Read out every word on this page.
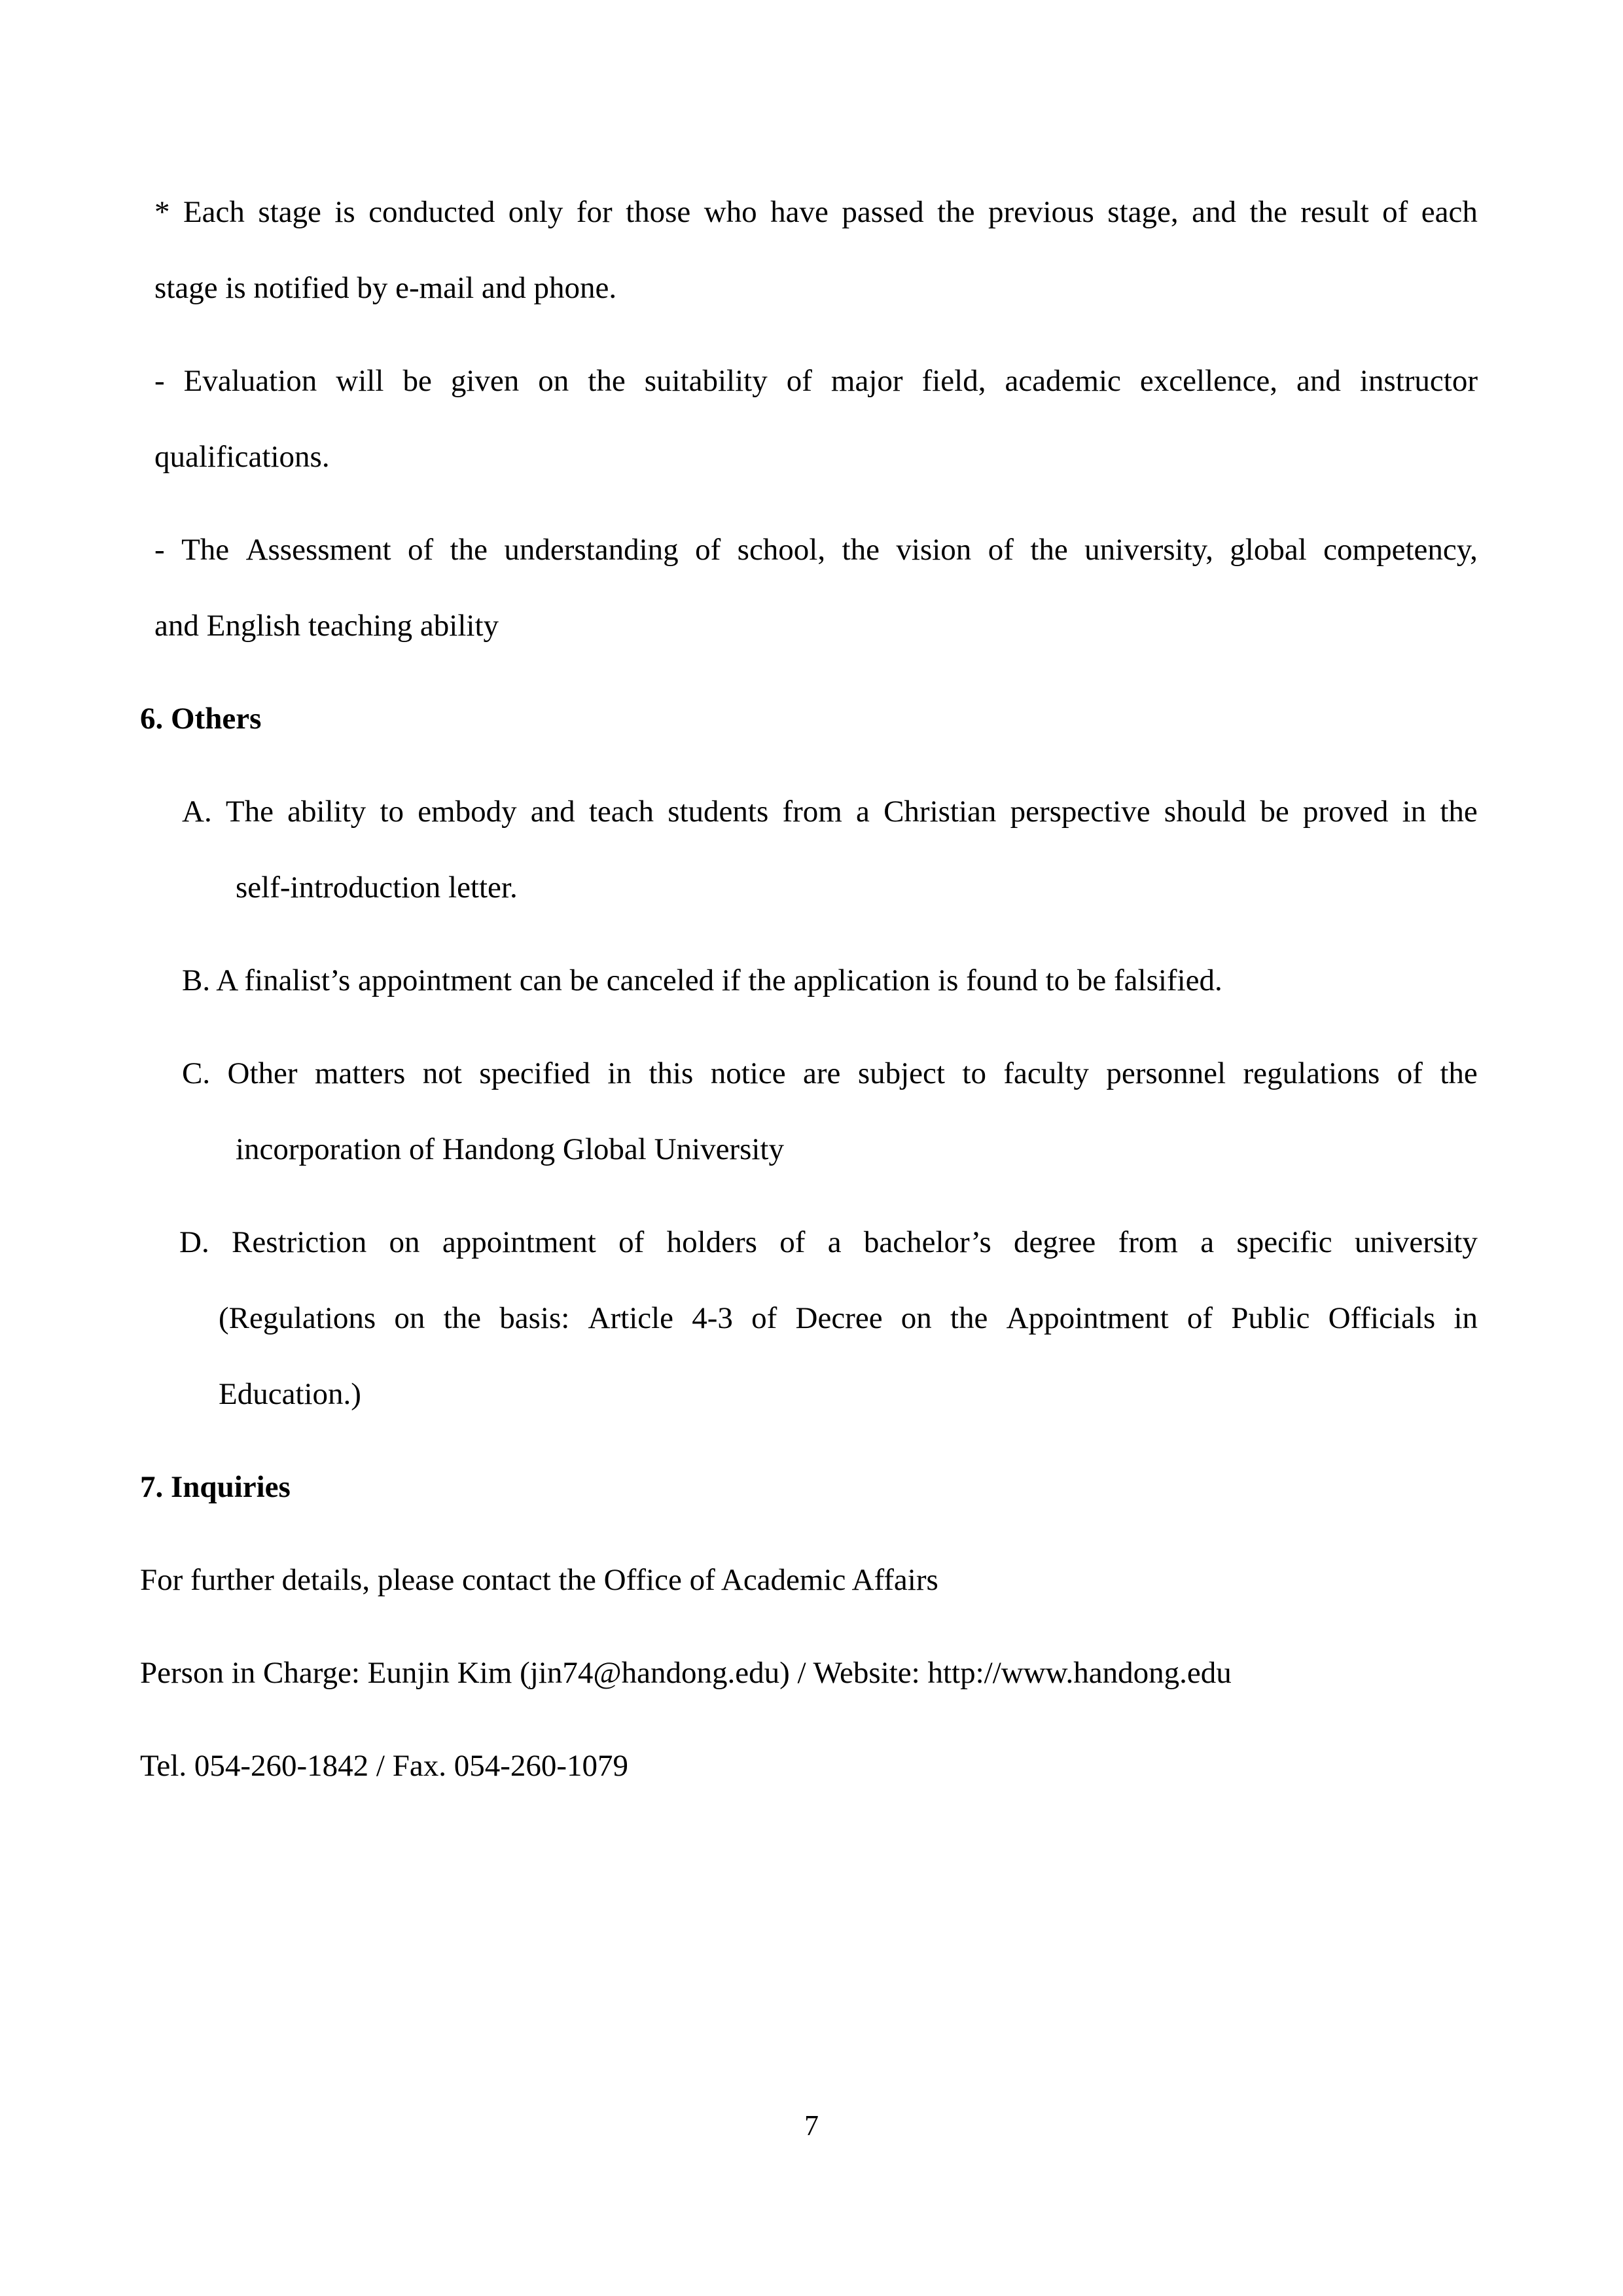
* Each stage is conducted only for those who have passed the previous stage, and the result of each
stage is notified by e-mail and phone.
- Evaluation will be given on the suitability of major field, academic excellence, and instructor
qualifications.
- The Assessment of the understanding of school, the vision of the university, global competency,
and English teaching ability
6. Others
A. The ability to embody and teach students from a Christian perspective should be proved in the
self-introduction letter.
B. A finalist’s appointment can be canceled if the application is found to be falsified.
C. Other matters not specified in this notice are subject to faculty personnel regulations of the
incorporation of Handong Global University
D. Restriction on appointment of holders of a bachelor’s degree from a specific university
(Regulations on the basis: Article 4-3 of Decree on the Appointment of Public Officials in
Education.)
7. Inquiries
For further details, please contact the Office of Academic Affairs
Person in Charge: Eunjin Kim (jin74@handong.edu) / Website: http://www.handong.edu
Tel. 054-260-1842 / Fax. 054-260-1079
7
